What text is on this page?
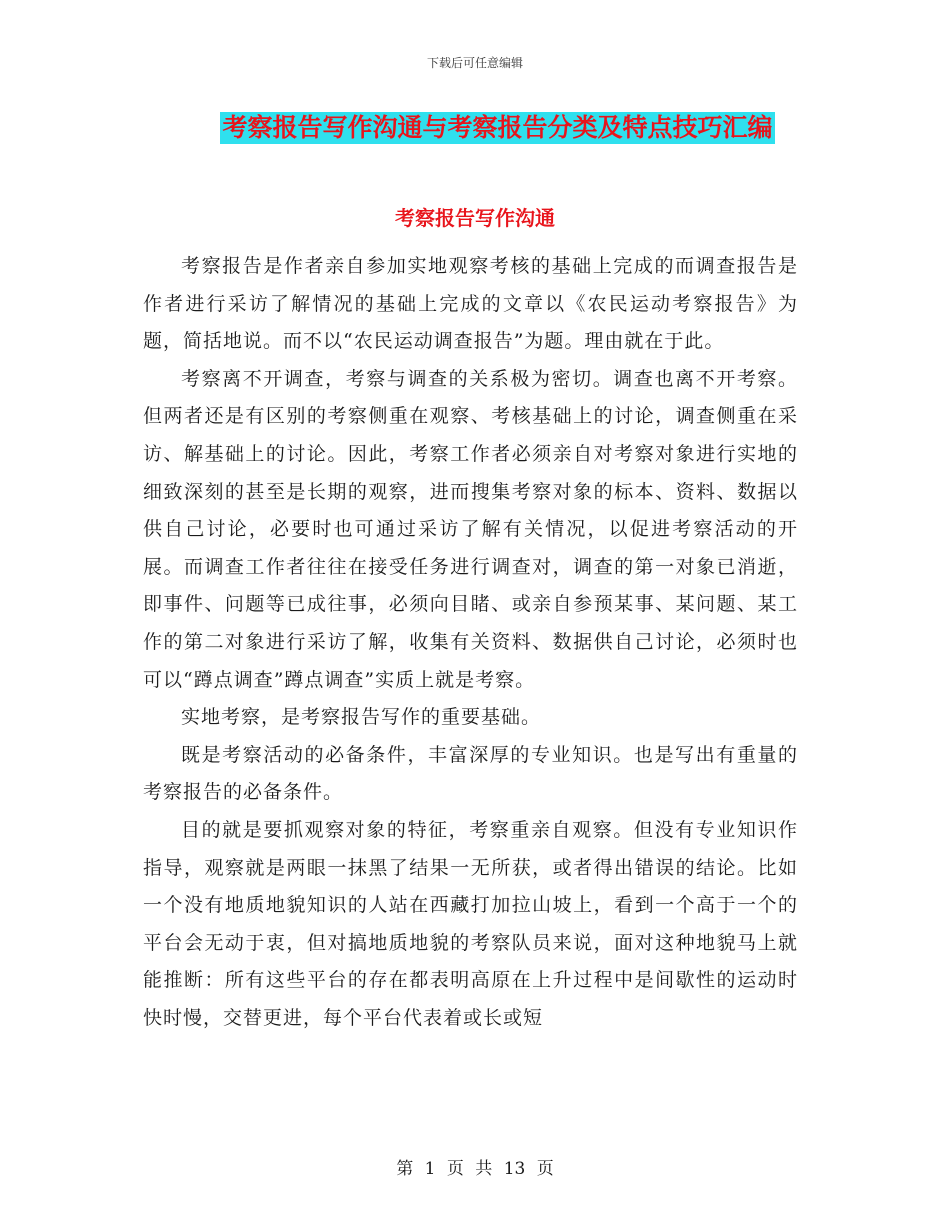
下载后可任意编辑
考察报告写作沟通与考察报告分类及特点技巧汇编
考察报告写作沟通

考察报告是作者亲自参加实地观察考核的基础上完成的而调查报告是作者进行采访了解情况的基础上完成的文章以《农民运动考察报告》为题，简括地说。而不以“农民运动调查报告”为题。理由就在于此。

考察离不开调查，考察与调查的关系极为密切。调查也离不开考察。但两者还是有区别的考察侧重在观察、考核基础上的讨论，调查侧重在采访、解基础上的讨论。因此，考察工作者必须亲自对考察对象进行实地的细致深刻的甚至是长期的观察，进而搜集考察对象的标本、资料、数据以供自己讨论，必要时也可通过采访了解有关情况，以促进考察活动的开展。而调查工作者往往在接受任务进行调查对，调查的第一对象已消逝，即事件、问题等已成往事，必须向目睹、或亲自参预某事、某问题、某工作的第二对象进行采访了解，收集有关资料、数据供自己讨论，必须时也可以“蹲点调查”蹲点调查”实质上就是考察。

实地考察，是考察报告写作的重要基础。

既是考察活动的必备条件，丰富深厚的专业知识。也是写出有重量的考察报告的必备条件。

目的就是要抓观察对象的特征，考察重亲自观察。但没有专业知识作指导，观察就是两眼一抹黑了结果一无所获，或者得出错误的结论。比如一个没有地质地貌知识的人站在西藏打加拉山坡上，看到一个高于一个的平台会无动于衷，但对搞地质地貌的考察队员来说，面对这种地貌马上就能推断：所有这些平台的存在都表明高原在上升过程中是间歇性的运动时快时慢，交替更进，每个平台代表着或长或短

第 1 页 共 13 页
